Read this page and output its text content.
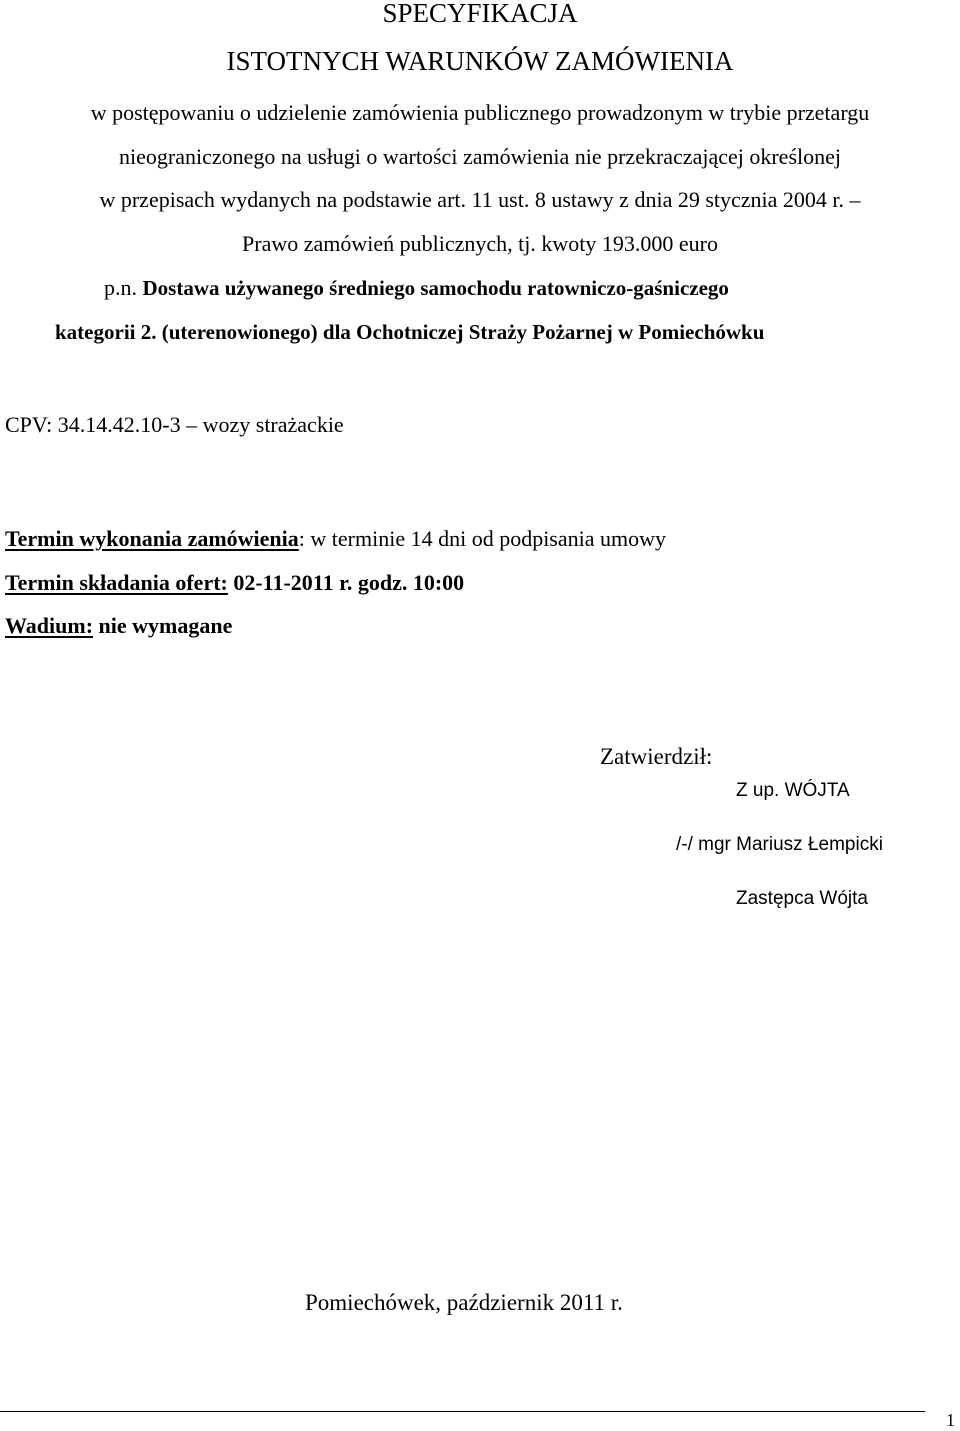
SPECYFIKACJA
ISTOTNYCH WARUNKÓW ZAMÓWIENIA
w postępowaniu o udzielenie zamówienia publicznego prowadzonym w trybie przetargu
nieograniczonego na usługi o wartości zamówienia nie przekraczającej określonej
w przepisach wydanych na podstawie art. 11 ust. 8 ustawy z dnia 29 stycznia 2004 r. –
Prawo zamówień publicznych, tj. kwoty 193.000 euro
p.n. Dostawa używanego średniego samochodu ratowniczo-gaśniczego
kategorii 2. (uterenowionego) dla Ochotniczej Straży Pożarnej w Pomiechówku
CPV: 34.14.42.10-3 – wozy strażackie
Termin wykonania zamówienia: w terminie 14 dni od podpisania umowy
Termin składania ofert: 02-11-2011 r. godz. 10:00
Wadium: nie wymagane
Zatwierdził:
Z up. WÓJTA
/-/ mgr Mariusz Łempicki
Zastępca Wójta
Pomiechówek, październik 2011 r.
1
